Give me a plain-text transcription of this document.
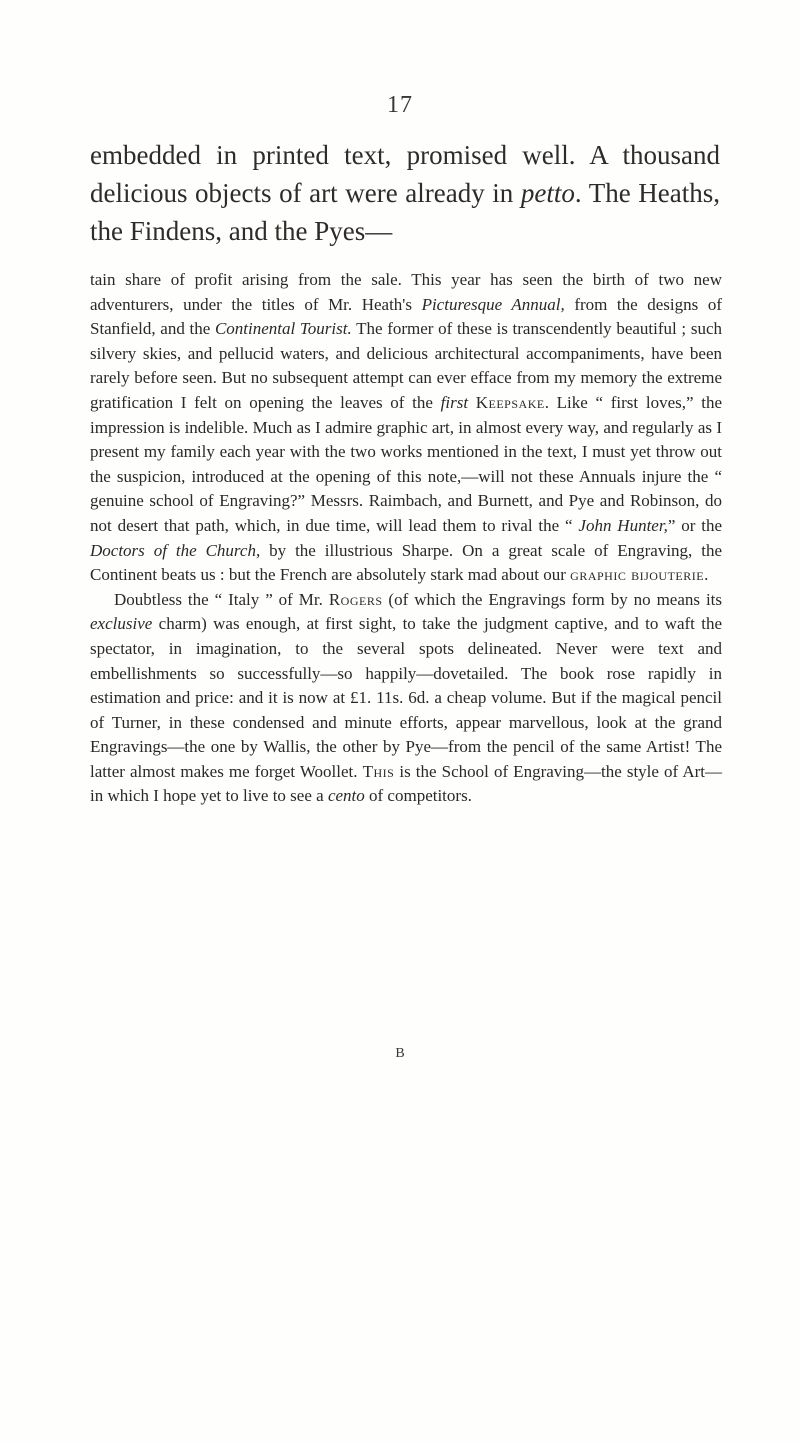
17

embedded in printed text, promised well. A thousand delicious objects of art were already in petto. The Heaths, the Findens, and the Pyes—

tain share of profit arising from the sale. This year has seen the birth of two new adventurers, under the titles of Mr. Heath's Picturesque Annual, from the designs of Stanfield, and the Continental Tourist. The former of these is transcendently beautiful ; such silvery skies, and pellucid waters, and delicious architectural accompaniments, have been rarely before seen. But no subsequent attempt can ever efface from my memory the extreme gratification I felt on opening the leaves of the first Keepsake. Like “ first loves,” the impression is indelible. Much as I admire graphic art, in almost every way, and regularly as I present my family each year with the two works mentioned in the text, I must yet throw out the suspicion, introduced at the opening of this note,—will not these Annuals injure the “ genuine school of Engraving?” Messrs. Raimbach, and Burnett, and Pye and Robinson, do not desert that path, which, in due time, will lead them to rival the “ John Hunter,” or the Doctors of the Church, by the illustrious Sharpe. On a great scale of Engraving, the Continent beats us : but the French are absolutely stark mad about our graphic bijouterie.

Doubtless the “ Italy ” of Mr. Rogers (of which the Engravings form by no means its exclusive charm) was enough, at first sight, to take the judgment captive, and to waft the spectator, in imagination, to the several spots delineated. Never were text and embellishments so successfully—so happily—dovetailed. The book rose rapidly in estimation and price: and it is now at £1. 11s. 6d. a cheap volume. But if the magical pencil of Turner, in these condensed and minute efforts, appear marvellous, look at the grand Engravings—the one by Wallis, the other by Pye—from the pencil of the same Artist! The latter almost makes me forget Woollet. This is the School of Engraving—the style of Art—in which I hope yet to live to see a cento of competitors.

B
